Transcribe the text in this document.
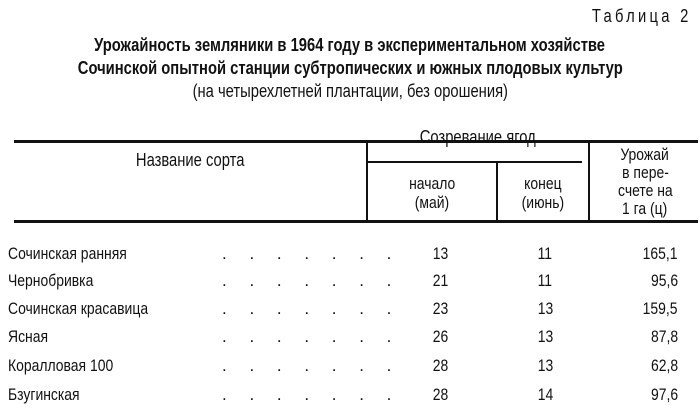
Таблица 2
Урожайность земляники в 1964 году в экспериментальном хозяйстве
Сочинской опытной станции субтропических и южных плодовых культур
(на четырехлетней плантации, без орошения)
Название сорта
Созревание ягод
начало
(май)
конец
(июнь)
Урожай
в пере-
счете на
1 га (ц)
Сочинская ранняя	. . . . . . .	13	11	165,1
Чернобривка	. . . . . . .	21	11	95,6
Сочинская красавица	. . . . . . .	23	13	159,5
Ясная	. . . . . . .	26	13	87,8
Коралловая 100	. . . . . . .	28	13	62,8
Бзугинская	. . . . . . .	28	14	97,6
